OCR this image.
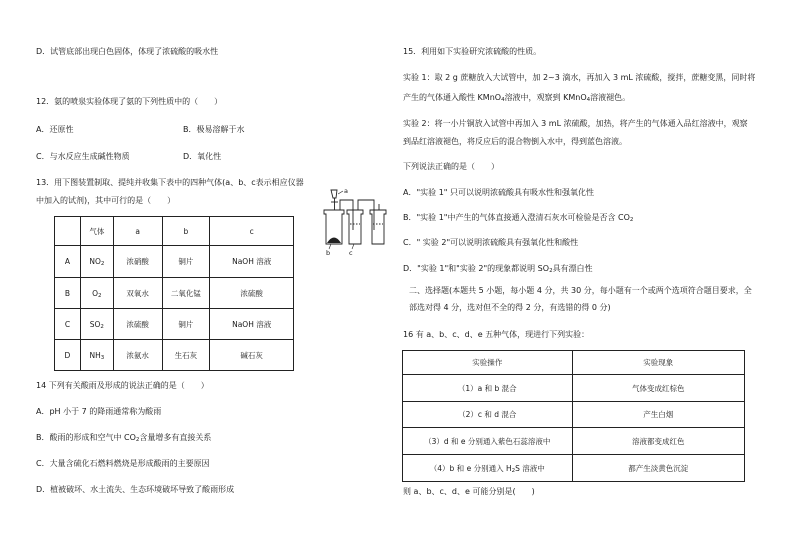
D．试管底部出现白色固体，体现了浓硫酸的吸水性
12．氨的喷泉实验体现了氨的下列性质中的（　　）
A．还原性	B．极易溶解于水
C．与水反应生成碱性物质	D．氧化性
13．用下图装置制取、提纯并收集下表中的四种气体(a、b、c表示相应仪器
中加入的试剂)，其中可行的是（　　）
	气体	a	b	c
A	$NO_2$	浓硝酸	铜片	NaOH 溶液
B	$O_2$	双氧水	二氧化锰	浓硫酸
C	$SO_2$	浓硫酸	铜片	NaOH 溶液
D	$NH_3$	浓氨水	生石灰	碱石灰
14 下列有关酸雨及形成的说法正确的是（　　）
A．pH 小于 7 的降雨通常称为酸雨
B．酸雨的形成和空气中 $CO_2$含量增多有直接关系
C．大量含硫化石燃料燃烧是形成酸雨的主要原因
D．植被破坏、水土流失、生态环境破坏导致了酸雨形成
a
b	c
15．利用如下实验研究浓硫酸的性质。
实验 1：取 2 g 蔗糖放入大试管中，加 2~3 滴水，再加入 3 mL 浓硫酸，搅拌，蔗糖变黑，同时将
产生的气体通入酸性 KMnO$_4$溶液中，观察到 KMnO$_4$溶液褪色。
实验 2：将一小片铜放入试管中再加入 3 mL 浓硫酸，加热，将产生的气体通入品红溶液中，观察
到品红溶液褪色，将反应后的混合物倒入水中，得到蓝色溶液。
下列说法正确的是（　　）
A．"实验 1" 只可以说明浓硫酸具有吸水性和强氧化性
B．"实验 1"中产生的气体直接通入澄清石灰水可检验是否含 $CO_2$
C．" 实验 2"可以说明浓硫酸具有强氧化性和酸性
D．"实验 1"和"实验 2"的现象都说明 $SO_2$具有漂白性
二、选择题(本题共 5 小题，每小题 4 分，共 30 分，每小题有一个或两个选项符合题目要求，全
部选对得 4 分，选对但不全的得 2 分，有选错的得 0 分)
16 有 a、b、c、d、e 五种气体，现进行下列实验：
实验操作	实验现象
（1）a 和 b 混合	气体变成红棕色
（2）c 和 d 混合	产生白烟
（3）d 和 e 分别通入紫色石蕊溶液中	溶液都变成红色
（4）b 和 e 分别通入 $H_2S$ 溶液中	都产生淡黄色沉淀
则 a、b、c、d、e 可能分别是(　　)
